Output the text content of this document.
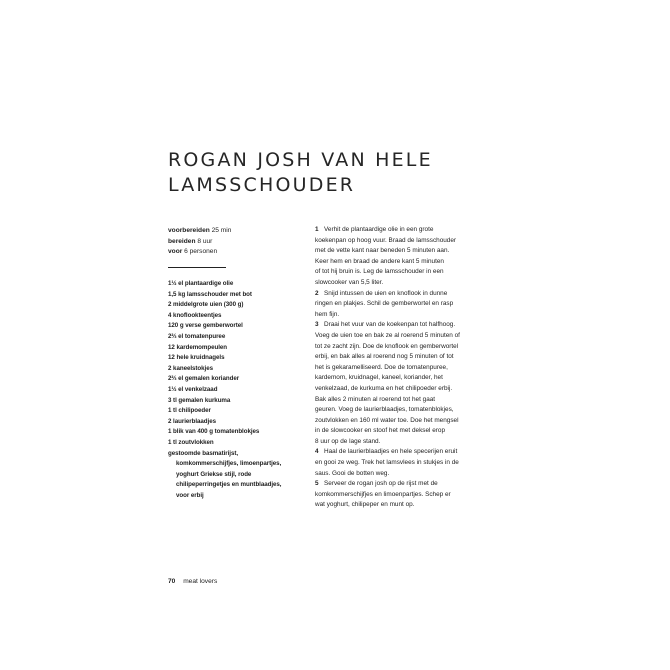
ROGAN JOSH VAN HELE
LAMSSCHOUDER
voorbereiden 25 min
bereiden 8 uur
voor 6 personen
1½ el plantaardige olie
1,5 kg lamsschouder met bot
2 middelgrote uien (300 g)
4 knoflookteentjes
120 g verse gemberwortel
2⅔ el tomatenpuree
12 kardemompeulen
12 hele kruidnagels
2 kaneelstokjes
2⅔ el gemalen koriander
1½ el venkelzaad
3 tl gemalen kurkuma
1 tl chilipoeder
2 laurierblaadjes
1 blik van 400 g tomatenblokjes
1 tl zoutvlokken
gestoomde basmatirijst,
komkommerschijfjes, limoenpartjes,
yoghurt Griekse stijl, rode
chilipeperringetjes en muntblaadjes,
voor erbij
1 Verhit de plantaardige olie in een grote
koekenpan op hoog vuur. Braad de lamsschouder
met de vette kant naar beneden 5 minuten aan.
Keer hem en braad de andere kant 5 minuten
of tot hij bruin is. Leg de lamsschouder in een
slowcooker van 5,5 liter.
2 Snijd intussen de uien en knoflook in dunne
ringen en plakjes. Schil de gemberwortel en rasp
hem fijn.
3 Draai het vuur van de koekenpan tot halfhoog.
Voeg de uien toe en bak ze al roerend 5 minuten of
tot ze zacht zijn. Doe de knoflook en gemberwortel
erbij, en bak alles al roerend nog 5 minuten of tot
het is gekaramelliseerd. Doe de tomatenpuree,
kardemom, kruidnagel, kaneel, koriander, het
venkelzaad, de kurkuma en het chilipoeder erbij.
Bak alles 2 minuten al roerend tot het gaat
geuren. Voeg de laurierblaadjes, tomatenblokjes,
zoutvlokken en 160 ml water toe. Doe het mengsel
in de slowcooker en stoof het met deksel erop
8 uur op de lage stand.
4 Haal de laurierblaadjes en hele specerijen eruit
en gooi ze weg. Trek het lamsvlees in stukjes in de
saus. Gooi de botten weg.
5 Serveer de rogan josh op de rijst met de
komkommerschijfjes en limoenpartjes. Schep er
wat yoghurt, chilipeper en munt op.
70 meat lovers
